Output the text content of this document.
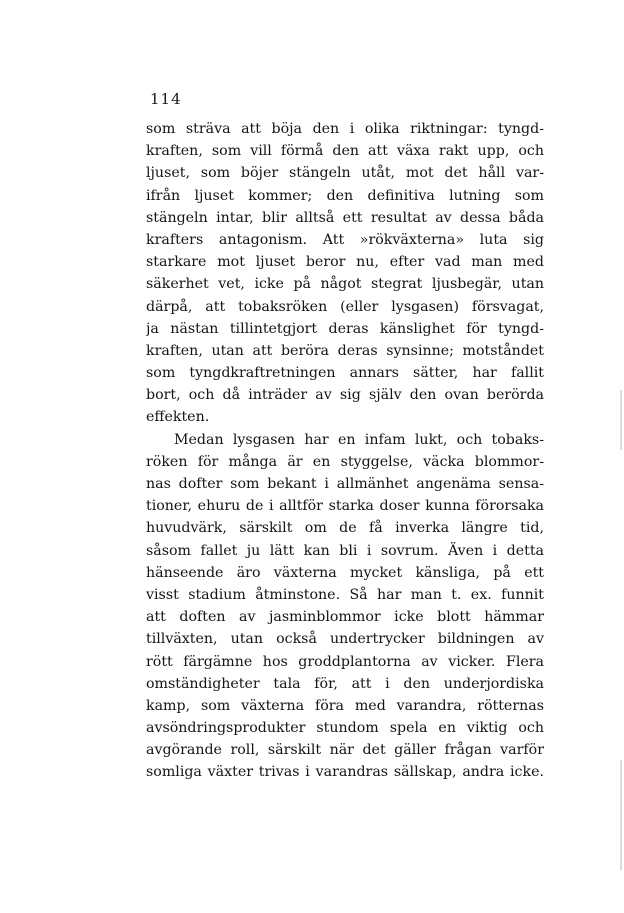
114
som sträva att böja den i olika riktningar: tyngd-
kraften, som vill förmå den att växa rakt upp, och
ljuset, som böjer stängeln utåt, mot det håll var-
ifrån ljuset kommer; den definitiva lutning som
stängeln intar, blir alltså ett resultat av dessa båda
krafters antagonism. Att »rökväxterna» luta sig
starkare mot ljuset beror nu, efter vad man med
säkerhet vet, icke på något stegrat ljusbegär, utan
därpå, att tobaksröken (eller lysgasen) försvagat,
ja nästan tillintetgjort deras känslighet för tyngd-
kraften, utan att beröra deras synsinne; motståndet
som tyngdkraftretningen annars sätter, har fallit
bort, och då inträder av sig själv den ovan berörda
effekten.
Medan lysgasen har en infam lukt, och tobaks-
röken för många är en styggelse, väcka blommor-
nas dofter som bekant i allmänhet angenäma sensa-
tioner, ehuru de i alltför starka doser kunna förorsaka
huvudvärk, särskilt om de få inverka längre tid,
såsom fallet ju lätt kan bli i sovrum. Även i detta
hänseende äro växterna mycket känsliga, på ett
visst stadium åtminstone. Så har man t. ex. funnit
att doften av jasminblommor icke blott hämmar
tillväxten, utan också undertrycker bildningen av
rött färgämne hos groddplantorna av vicker. Flera
omständigheter tala för, att i den underjordiska
kamp, som växterna föra med varandra, rötternas
avsöndringsprodukter stundom spela en viktig och
avgörande roll, särskilt när det gäller frågan varför
somliga växter trivas i varandras sällskap, andra icke.
